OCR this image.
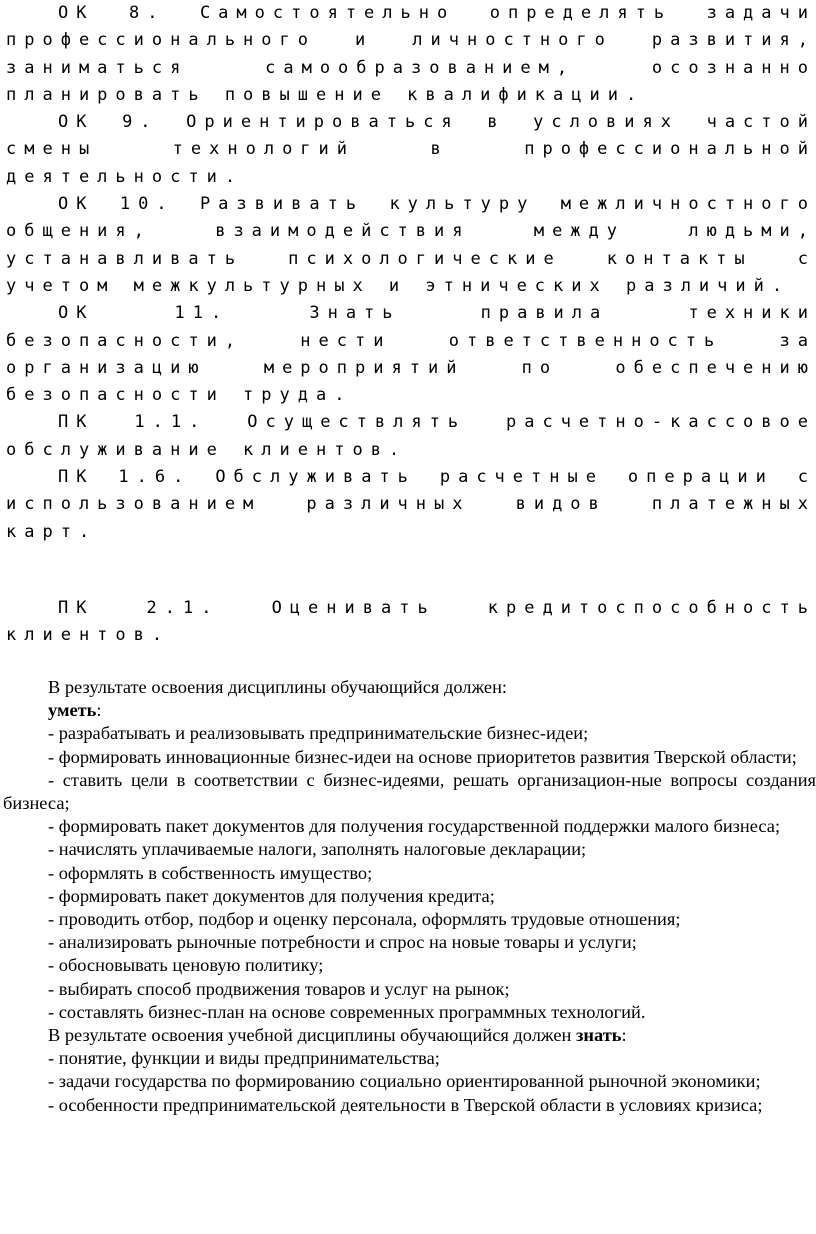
ОК 8. Самостоятельно определять задачи профессионального и личностного развития, заниматься самообразованием, осознанно планировать повышение квалификации.

ОК 9. Ориентироваться в условиях частой смены технологий в профессиональной деятельности.

ОК 10. Развивать культуру межличностного общения, взаимодействия между людьми, устанавливать психологические контакты с учетом межкультурных и этнических различий.

ОК 11. Знать правила техники безопасности, нести ответственность за организацию мероприятий по обеспечению безопасности труда.

ПК 1.1. Осуществлять расчетно-кассовое обслуживание клиентов.

ПК 1.6. Обслуживать расчетные операции с использованием различных видов платежных карт.

ПК 2.1. Оценивать кредитоспособность клиентов.

В результате освоения дисциплины обучающийся должен:

уметь:

- разрабатывать и реализовывать предпринимательские бизнес-идеи;

- формировать инновационные бизнес-идеи на основе приоритетов развития Тверской области;

- ставить цели в соответствии с бизнес-идеями, решать организацион-ные вопросы создания бизнеса;

- формировать пакет документов для получения государственной поддержки малого бизнеса;

- начислять уплачиваемые налоги, заполнять налоговые декларации;

- оформлять в собственность имущество;

- формировать пакет документов для получения кредита;

- проводить отбор, подбор и оценку персонала, оформлять трудовые отношения;

- анализировать рыночные потребности и спрос на новые товары и услуги;

- обосновывать ценовую политику;

- выбирать способ продвижения товаров и услуг на рынок;

- составлять бизнес-план на основе современных программных технологий.

В результате освоения учебной дисциплины обучающийся должен знать:

- понятие, функции и виды предпринимательства;

- задачи государства по формированию социально ориентированной рыночной экономики;

- особенности предпринимательской деятельности в Тверской области в условиях кризиса;
